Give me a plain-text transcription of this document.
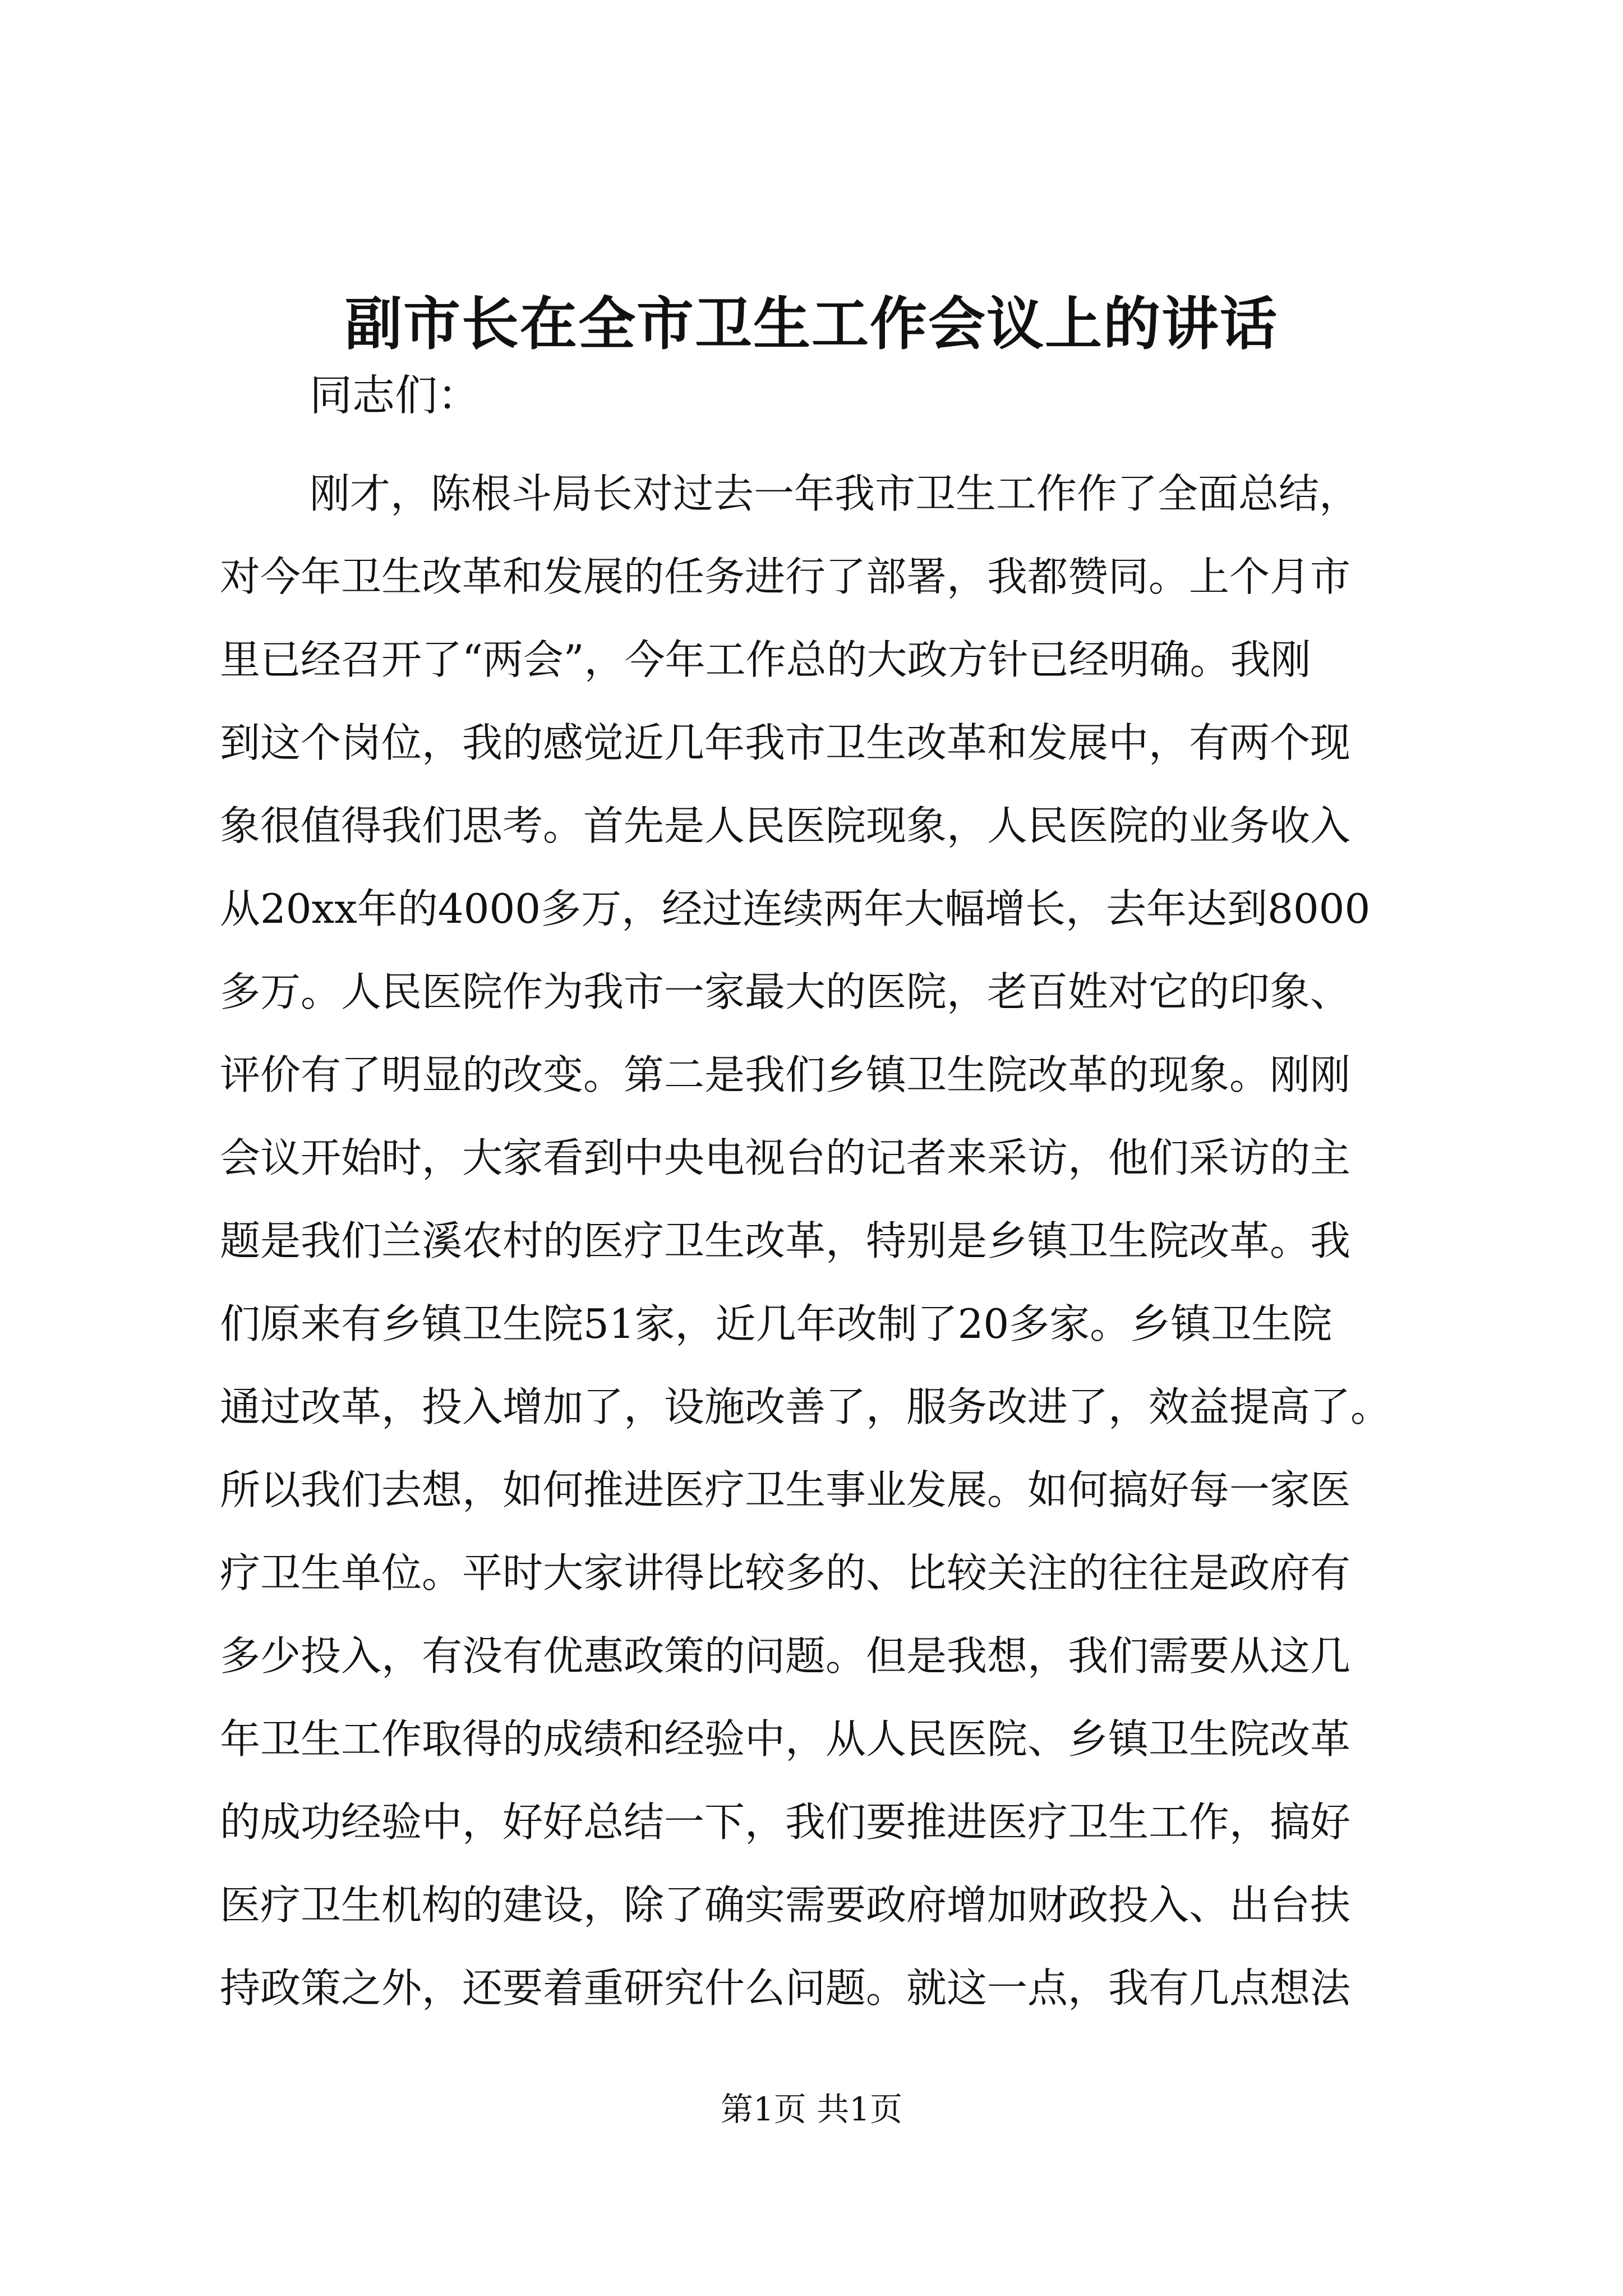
副市长在全市卫生工作会议上的讲话
同志们：
刚才，陈根斗局长对过去一年我市卫生工作作了全面总结，
对今年卫生改革和发展的任务进行了部署，我都赞同。上个月市
里已经召开了“两会”，今年工作总的大政方针已经明确。我刚
到这个岗位，我的感觉近几年我市卫生改革和发展中，有两个现
象很值得我们思考。首先是人民医院现象，人民医院的业务收入
从20xx年的4000多万，经过连续两年大幅增长，去年达到8000
多万。人民医院作为我市一家最大的医院，老百姓对它的印象、
评价有了明显的改变。第二是我们乡镇卫生院改革的现象。刚刚
会议开始时，大家看到中央电视台的记者来采访，他们采访的主
题是我们兰溪农村的医疗卫生改革，特别是乡镇卫生院改革。我
们原来有乡镇卫生院51家，近几年改制了20多家。乡镇卫生院
通过改革，投入增加了，设施改善了，服务改进了，效益提高了。
所以我们去想，如何推进医疗卫生事业发展。如何搞好每一家医
疗卫生单位。平时大家讲得比较多的、比较关注的往往是政府有
多少投入，有没有优惠政策的问题。但是我想，我们需要从这几
年卫生工作取得的成绩和经验中，从人民医院、乡镇卫生院改革
的成功经验中，好好总结一下，我们要推进医疗卫生工作，搞好
医疗卫生机构的建设，除了确实需要政府增加财政投入、出台扶
持政策之外，还要着重研究什么问题。就这一点，我有几点想法
第1页 共1页
